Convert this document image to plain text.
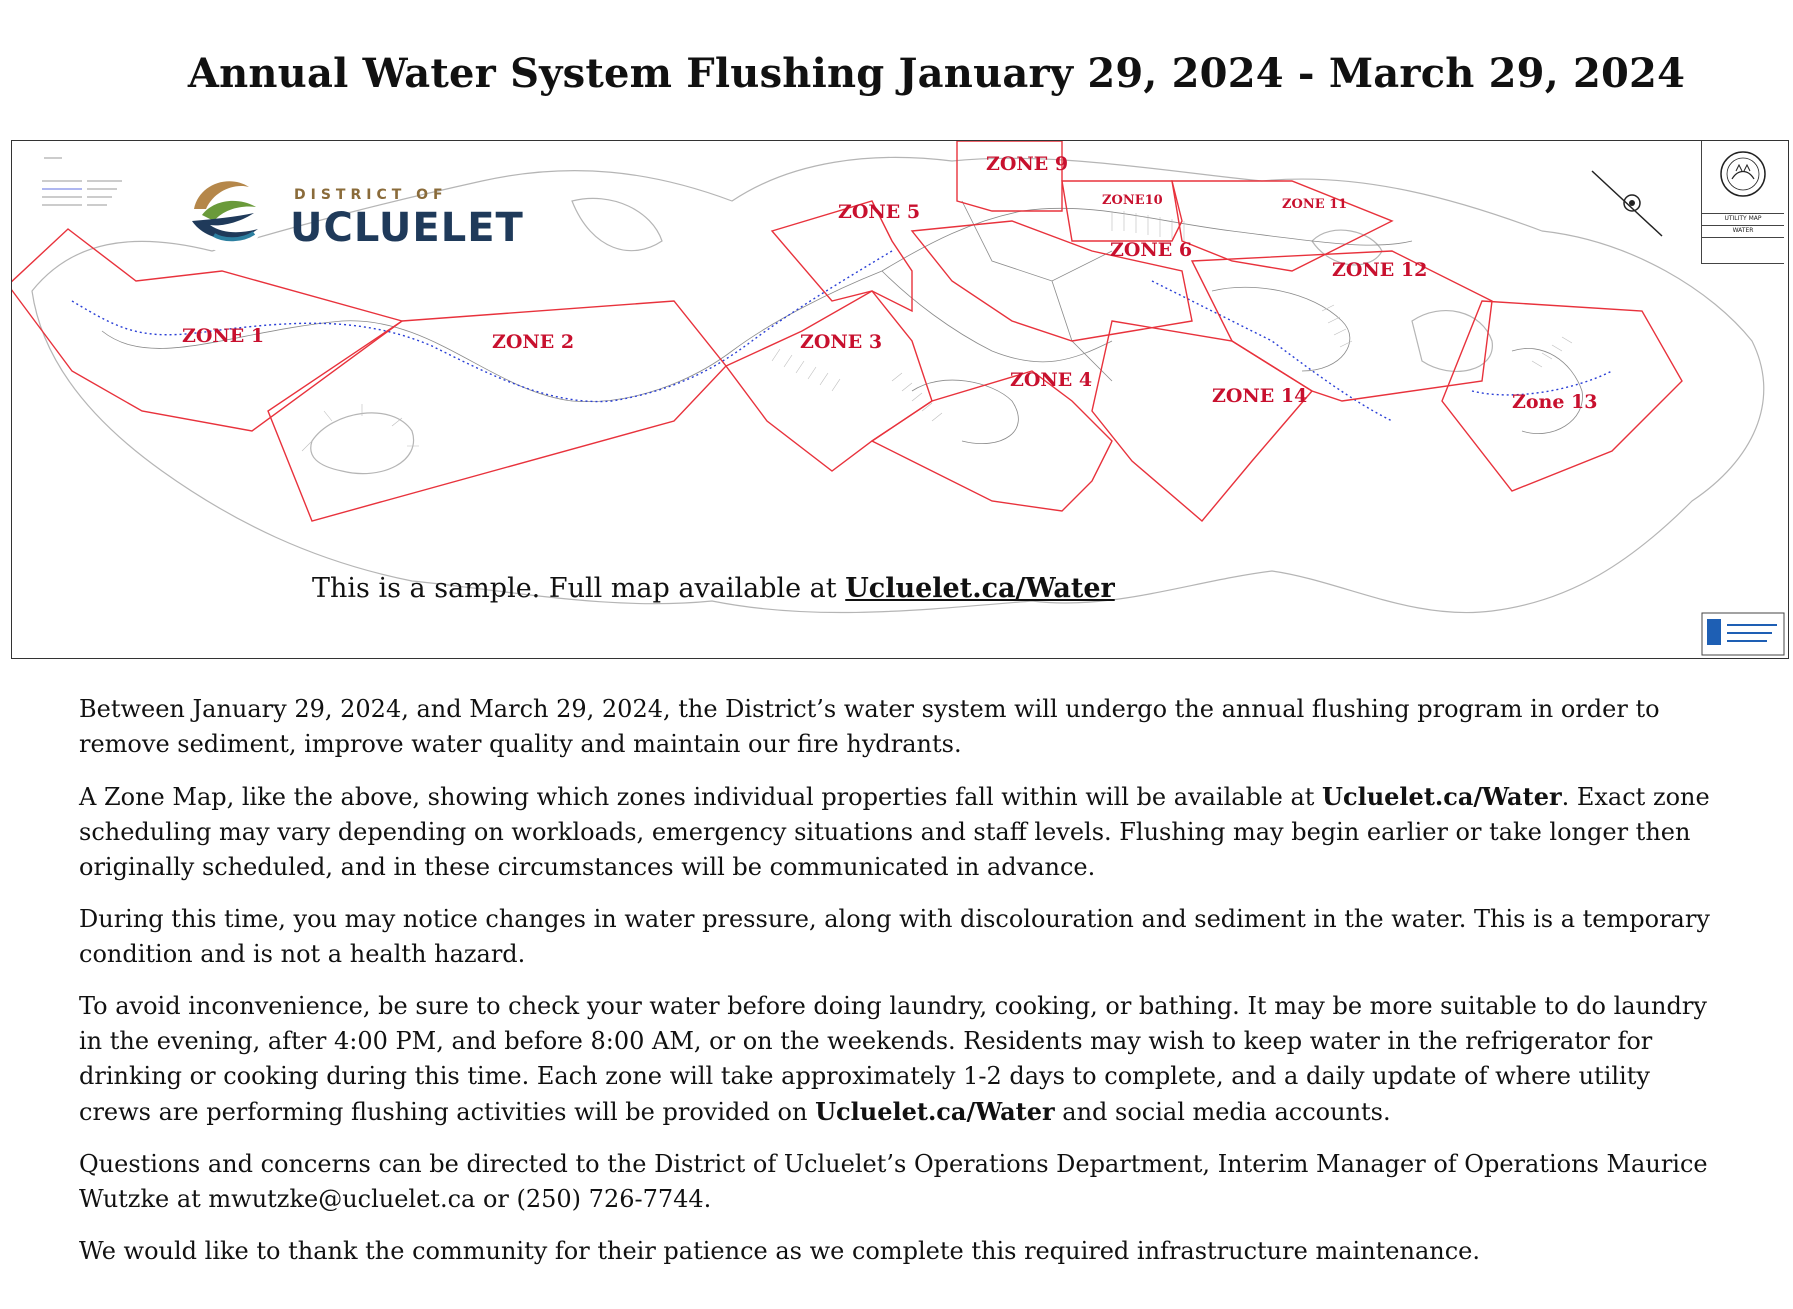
Annual Water System Flushing January 29, 2024 - March 29, 2024
DISTRICT OF
UCLUELET
ZONE 1	ZONE 2	ZONE 3
ZONE 4
ZONE 5
ZONE 6
ZONE 9
ZONE10	ZONE 11
ZONE 12
Zone 13
ZONE 14
UTILITY MAP
WATER
This is a sample. Full map available at Ucluelet.ca/Water

Between January 29, 2024, and March 29, 2024, the District’s water system will undergo the annual flushing program in order to remove sediment, improve water quality and maintain our fire hydrants.

A Zone Map, like the above, showing which zones individual properties fall within will be available at Ucluelet.ca/Water. Exact zone scheduling may vary depending on workloads, emergency situations and staff levels. Flushing may begin earlier or take longer then originally scheduled, and in these circumstances will be communicated in advance.

During this time, you may notice changes in water pressure, along with discolouration and sediment in the water. This is a temporary condition and is not a health hazard.

To avoid inconvenience, be sure to check your water before doing laundry, cooking, or bathing. It may be more suitable to do laundry in the evening, after 4:00 PM, and before 8:00 AM, or on the weekends. Residents may wish to keep water in the refrigerator for drinking or cooking during this time. Each zone will take approximately 1-2 days to complete, and a daily update of where utility crews are performing flushing activities will be provided on Ucluelet.ca/Water and social media accounts.

Questions and concerns can be directed to the District of Ucluelet’s Operations Department, Interim Manager of Operations Maurice Wutzke at mwutzke@ucluelet.ca or (250) 726-7744.

We would like to thank the community for their patience as we complete this required infrastructure maintenance.
